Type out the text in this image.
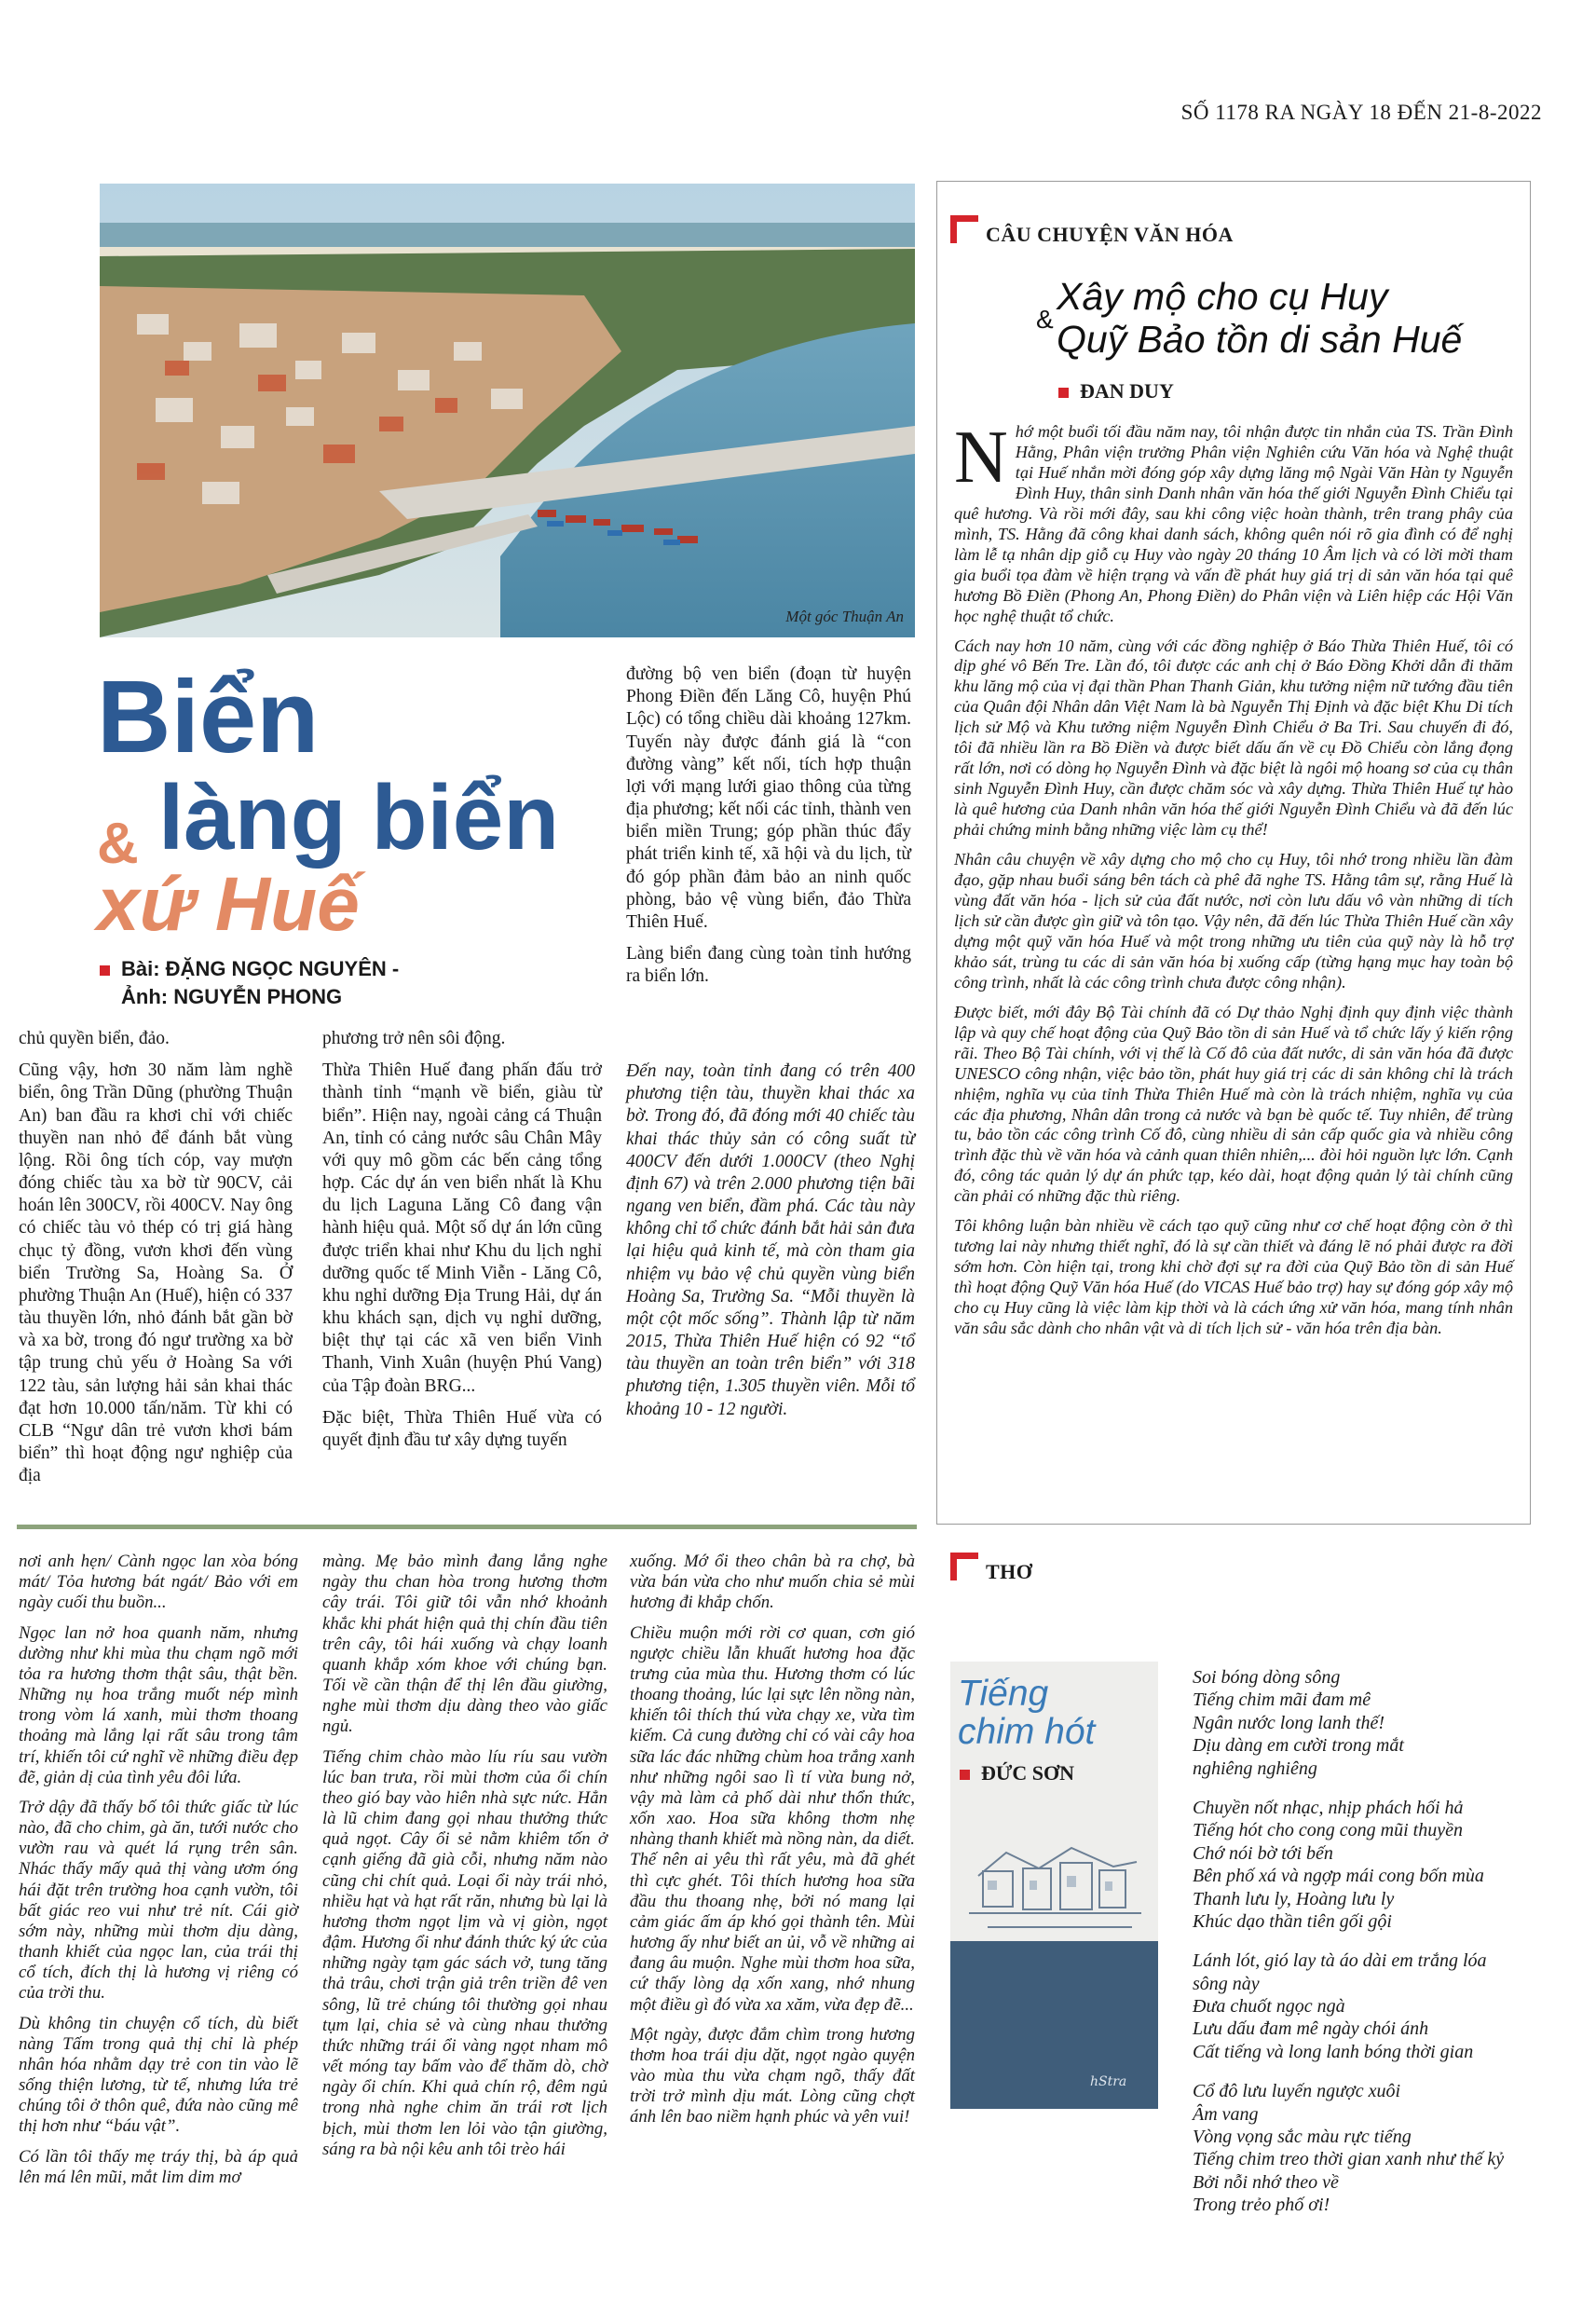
SỐ 1178 RA NGÀY 18 ĐẾN 21-8-2022
Một góc Thuận An
Biển
& làng biển
xứ Huế
Bài: ĐẶNG NGỌC NGUYÊN -
Ảnh: NGUYỄN PHONG

đường bộ ven biển (đoạn từ huyện Phong Điền đến Lăng Cô, huyện Phú Lộc) có tổng chiều dài khoảng 127km. Tuyến này được đánh giá là “con đường vàng” kết nối, tích hợp thuận lợi với mạng lưới giao thông của từng địa phương; kết nối các tỉnh, thành ven biển miền Trung; góp phần thúc đẩy phát triển kinh tế, xã hội và du lịch, từ đó góp phần đảm bảo an ninh quốc phòng, bảo vệ vùng biển, đảo Thừa Thiên Huế.

Làng biển đang cùng toàn tỉnh hướng ra biển lớn.

chủ quyền biển, đảo.

Cũng vậy, hơn 30 năm làm nghề biển, ông Trần Dũng (phường Thuận An) ban đầu ra khơi chỉ với chiếc thuyền nan nhỏ để đánh bắt vùng lộng. Rồi ông tích cóp, vay mượn đóng chiếc tàu xa bờ từ 90CV, cải hoán lên 300CV, rồi 400CV. Nay ông có chiếc tàu vỏ thép có trị giá hàng chục tỷ đồng, vươn khơi đến vùng biển Trường Sa, Hoàng Sa. Ở phường Thuận An (Huế), hiện có 337 tàu thuyền lớn, nhỏ đánh bắt gần bờ và xa bờ, trong đó ngư trường xa bờ tập trung chủ yếu ở Hoàng Sa với 122 tàu, sản lượng hải sản khai thác đạt hơn 10.000 tấn/năm. Từ khi có CLB “Ngư dân trẻ vươn khơi bám biển” thì hoạt động ngư nghiệp của địa

phương trở nên sôi động.

Thừa Thiên Huế đang phấn đấu trở thành tỉnh “mạnh về biển, giàu từ biển”. Hiện nay, ngoài cảng cá Thuận An, tỉnh có cảng nước sâu Chân Mây với quy mô gồm các bến cảng tổng hợp. Các dự án ven biển nhất là Khu du lịch Laguna Lăng Cô đang vận hành hiệu quả. Một số dự án lớn cũng được triển khai như Khu du lịch nghỉ dưỡng quốc tế Minh Viễn - Lăng Cô, khu nghỉ dưỡng Địa Trung Hải, dự án khu khách sạn, dịch vụ nghỉ dưỡng, biệt thự tại các xã ven biển Vinh Thanh, Vinh Xuân (huyện Phú Vang) của Tập đoàn BRG...

Đặc biệt, Thừa Thiên Huế vừa có quyết định đầu tư xây dựng tuyến

Đến nay, toàn tỉnh đang có trên 400 phương tiện tàu, thuyền khai thác xa bờ. Trong đó, đã đóng mới 40 chiếc tàu khai thác thủy sản có công suất từ 400CV đến dưới 1.000CV (theo Nghị định 67) và trên 2.000 phương tiện bãi ngang ven biển, đầm phá. Các tàu này không chỉ tổ chức đánh bắt hải sản đưa lại hiệu quả kinh tế, mà còn tham gia nhiệm vụ bảo vệ chủ quyền vùng biển Hoàng Sa, Trường Sa. “Mỗi thuyền là một cột mốc sống”. Thành lập từ năm 2015, Thừa Thiên Huế hiện có 92 “tổ tàu thuyền an toàn trên biển” với 318 phương tiện, 1.305 thuyền viên. Mỗi tổ khoảng 10 - 12 người.

CÂU CHUYỆN VĂN HÓA
Xây mộ cho cụ Huy
& Quỹ Bảo tồn di sản Huế
ĐAN DUY

Nhớ một buổi tối đầu năm nay, tôi nhận được tin nhắn của TS. Trần Đình Hằng, Phân viện trưởng Phân viện Nghiên cứu Văn hóa và Nghệ thuật tại Huế nhắn mời đóng góp xây dựng lăng mộ Ngài Văn Hàn ty Nguyễn Đình Huy, thân sinh Danh nhân văn hóa thế giới Nguyễn Đình Chiểu tại quê hương. Và rồi mới đây, sau khi công việc hoàn thành, trên trang phây của mình, TS. Hằng đã công khai danh sách, không quên nói rõ gia đình có để nghị làm lễ tạ nhân dịp giỗ cụ Huy vào ngày 20 tháng 10 Âm lịch và có lời mời tham gia buổi tọa đàm về hiện trạng và vấn đề phát huy giá trị di sản văn hóa tại quê hương Bồ Điền (Phong An, Phong Điền) do Phân viện và Liên hiệp các Hội Văn học nghệ thuật tổ chức.

Cách nay hơn 10 năm, cùng với các đồng nghiệp ở Báo Thừa Thiên Huế, tôi có dịp ghé vô Bến Tre. Lần đó, tôi được các anh chị ở Báo Đồng Khởi dẫn đi thăm khu lăng mộ của vị đại thần Phan Thanh Giản, khu tưởng niệm nữ tướng đầu tiên của Quân đội Nhân dân Việt Nam là bà Nguyễn Thị Định và đặc biệt Khu Di tích lịch sử Mộ và Khu tưởng niệm Nguyễn Đình Chiểu ở Ba Tri. Sau chuyến đi đó, tôi đã nhiều lần ra Bồ Điền và được biết dấu ấn về cụ Đồ Chiểu còn lắng đọng rất lớn, nơi có dòng họ Nguyễn Đình và đặc biệt là ngôi mộ hoang sơ của cụ thân sinh Nguyễn Đình Huy, cần được chăm sóc và xây dựng. Thừa Thiên Huế tự hào là quê hương của Danh nhân văn hóa thế giới Nguyễn Đình Chiểu và đã đến lúc phải chứng minh bằng những việc làm cụ thể!

Nhân câu chuyện về xây dựng cho mộ cho cụ Huy, tôi nhớ trong nhiều lần đàm đạo, gặp nhau buổi sáng bên tách cà phê đã nghe TS. Hằng tâm sự, rằng Huế là vùng đất văn hóa - lịch sử của đất nước, nơi còn lưu dấu vô vàn những di tích lịch sử cần được gìn giữ và tôn tạo. Vậy nên, đã đến lúc Thừa Thiên Huế cần xây dựng một quỹ văn hóa Huế và một trong những ưu tiên của quỹ này là hỗ trợ khảo sát, trùng tu các di sản văn hóa bị xuống cấp (từng hạng mục hay toàn bộ công trình, nhất là các công trình chưa được công nhận).

Được biết, mới đây Bộ Tài chính đã có Dự thảo Nghị định quy định việc thành lập và quy chế hoạt động của Quỹ Bảo tồn di sản Huế và tổ chức lấy ý kiến rộng rãi. Theo Bộ Tài chính, với vị thế là Cố đô của đất nước, di sản văn hóa đã được UNESCO công nhận, việc bảo tồn, phát huy giá trị các di sản không chỉ là trách nhiệm, nghĩa vụ của tỉnh Thừa Thiên Huế mà còn là trách nhiệm, nghĩa vụ của các địa phương, Nhân dân trong cả nước và bạn bè quốc tế. Tuy nhiên, để trùng tu, bảo tồn các công trình Cố đô, cùng nhiều di sản cấp quốc gia và nhiều công trình đặc thù về văn hóa và cảnh quan thiên nhiên,... đòi hỏi nguồn lực lớn. Cạnh đó, công tác quản lý dự án phức tạp, kéo dài, hoạt động quản lý tài chính cũng cần phải có những đặc thù riêng.

Tôi không luận bàn nhiều về cách tạo quỹ cũng như cơ chế hoạt động còn ở thì tương lai này nhưng thiết nghĩ, đó là sự cần thiết và đáng lẽ nó phải được ra đời sớm hơn. Còn hiện tại, trong khi chờ đợi sự ra đời của Quỹ Bảo tồn di sản Huế thì hoạt động Quỹ Văn hóa Huế (do VICAS Huế bảo trợ) hay sự đóng góp xây mộ cho cụ Huy cũng là việc làm kịp thời và là cách ứng xử văn hóa, mang tính nhân văn sâu sắc dành cho nhân vật và di tích lịch sử - văn hóa trên địa bàn.

nơi anh hẹn/ Cành ngọc lan xòa bóng mát/ Tỏa hương bát ngát/ Bảo với em ngày cuối thu buồn...

Ngọc lan nở hoa quanh năm, nhưng dường như khi mùa thu chạm ngõ mới tỏa ra hương thơm thật sâu, thật bền. Những nụ hoa trắng muốt nép mình trong vòm lá xanh, mùi thơm thoang thoảng mà lắng lại rất sâu trong tâm trí, khiến tôi cứ nghĩ về những điều đẹp đẽ, giản dị của tình yêu đôi lứa.

Trở dậy đã thấy bố tôi thức giấc từ lúc nào, đã cho chim, gà ăn, tưới nước cho vườn rau và quét lá rụng trên sân. Nhác thấy mấy quả thị vàng ươm óng hái đặt trên trường hoa cạnh vườn, tôi bất giác reo vui như trẻ nít. Cái giờ sớm này, những mùi thơm dịu dàng, thanh khiết của ngọc lan, của trái thị cổ tích, đích thị là hương vị riêng có của trời thu.

Dù không tin chuyện cổ tích, dù biết nàng Tấm trong quả thị chỉ là phép nhân hóa nhằm dạy trẻ con tin vào lẽ sống thiện lương, từ tế, nhưng lứa trẻ chúng tôi ở thôn quê, đứa nào cũng mê thị hơn như “báu vật”.

Có lần tôi thấy mẹ tráy thị, bà áp quả lên má lên mũi, mắt lim dim mơ

màng. Mẹ bảo mình đang lắng nghe ngày thu chan hòa trong hương thơm cây trái. Tôi giữ tôi vẫn nhớ khoảnh khắc khi phát hiện quả thị chín đầu tiên trên cây, tôi hái xuống và chạy loanh quanh khắp xóm khoe với chúng bạn. Tối về cần thận để thị lên đầu giường, nghe mùi thơm dịu dàng theo vào giấc ngủ.

Tiếng chim chào mào líu ríu sau vườn lúc ban trưa, rồi mùi thơm của ổi chín theo gió bay vào hiên nhà sực nức. Hẳn là lũ chim đang gọi nhau thưởng thức quả ngọt. Cây ổi sẻ nằm khiêm tốn ở cạnh giếng đã già cỗi, nhưng năm nào cũng chi chít quả. Loại ổi này trái nhỏ, nhiều hạt và hạt rất răn, nhưng bù lại là hương thơm ngọt lịm và vị giòn, ngọt đậm. Hương ổi như đánh thức ký ức của những ngày tạm gác sách vở, tung tăng thả trâu, chơi trận giả trên triền đê ven sông, lũ trẻ chúng tôi thường gọi nhau tụm lại, chia sẻ và cùng nhau thưởng thức những trái ổi vàng ngọt nham mô vết móng tay bấm vào để thăm dò, chờ ngày ổi chín. Khi quả chín rộ, đêm ngủ trong nhà nghe chim ăn trái rơt lịch bịch, mùi thơm len lỏi vào tận giường, sáng ra bà nội kêu anh tôi trèo hái

xuống. Mớ ổi theo chân bà ra chợ, bà vừa bán vừa cho như muốn chia sẻ mùi hương đi khắp chốn.

Chiều muộn mới rời cơ quan, cơn gió ngược chiều lẫn khuất hương hoa đặc trưng của mùa thu. Hương thơm có lúc thoang thoảng, lúc lại sực lên nồng nàn, khiến tôi thích thú vừa chạy xe, vừa tìm kiếm. Cả cung đường chỉ có vài cây hoa sữa lác đác những chùm hoa trắng xanh như những ngôi sao lì tí vừa bung nở, vậy mà làm cả phố dài như thổn thức, xốn xao. Hoa sữa không thơm nhẹ nhàng thanh khiết mà nồng nàn, da diết. Thế nên ai yêu thì rất yêu, mà đã ghét thì cực ghét. Tôi thích hương hoa sữa đầu thu thoang nhẹ, bởi nó mang lại cảm giác ấm áp khó gọi thành tên. Mùi hương ấy như biết an ủi, vỗ về những ai đang âu muộn. Nghe mùi thơm hoa sữa, cứ thấy lòng dạ xốn xang, nhớ nhung một điều gì đó vừa xa xăm, vừa đẹp đẽ...

Một ngày, được đắm chìm trong hương thơm hoa trái dịu dặt, ngọt ngào quyện vào mùa thu vừa chạm ngõ, thấy đất trời trở mình dịu mát. Lòng cũng chợt ánh lên bao niềm hạnh phúc và yên vui!

THƠ
hStra
Tiếng
chim hót
ĐỨC SƠN

Soi bóng dòng sông
Tiếng chim mãi đam mê
Ngân nước long lanh thế!
Dịu dàng em cười trong mắt
nghiêng nghiêng

Chuyền nốt nhạc, nhịp phách hối hả
Tiếng hót cho cong cong mũi thuyền
Chớ nói bờ tới bến
Bên phố xá và ngợp mái cong bốn mùa
Thanh lưu ly, Hoàng lưu ly
Khúc dạo thần tiên gối gội

Lánh lót, gió lay tà áo dài em trắng lóa
sông này
Đưa chuốt ngọc ngà
Lưu dấu đam mê ngày chói ánh
Cất tiếng và long lanh bóng thời gian

Cổ đô lưu luyến ngược xuôi
Âm vang
Vòng vọng sắc màu rực tiếng
Tiếng chim treo thời gian xanh như thế kỷ
Bởi nỗi nhớ theo về
Trong trẻo phố ơi!
